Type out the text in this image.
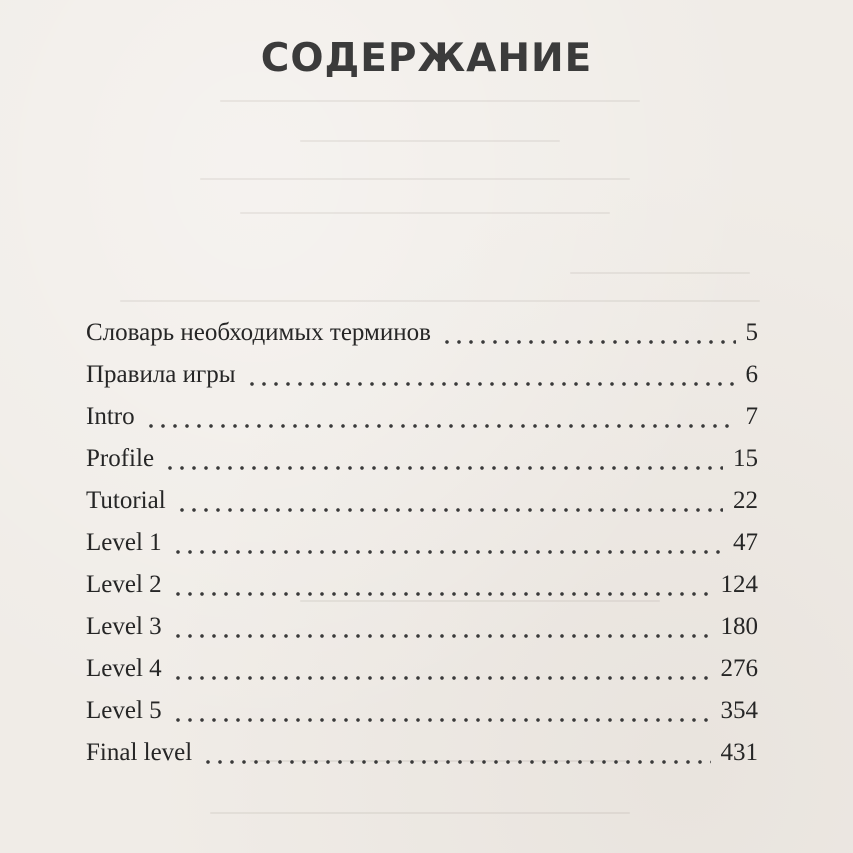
СОДЕРЖАНИЕ
Словарь необходимых терминов	5
Правила игры	6
Intro	7
Profile	15
Tutorial	22
Level 1	47
Level 2	124
Level 3	180
Level 4	276
Level 5	354
Final level	431
